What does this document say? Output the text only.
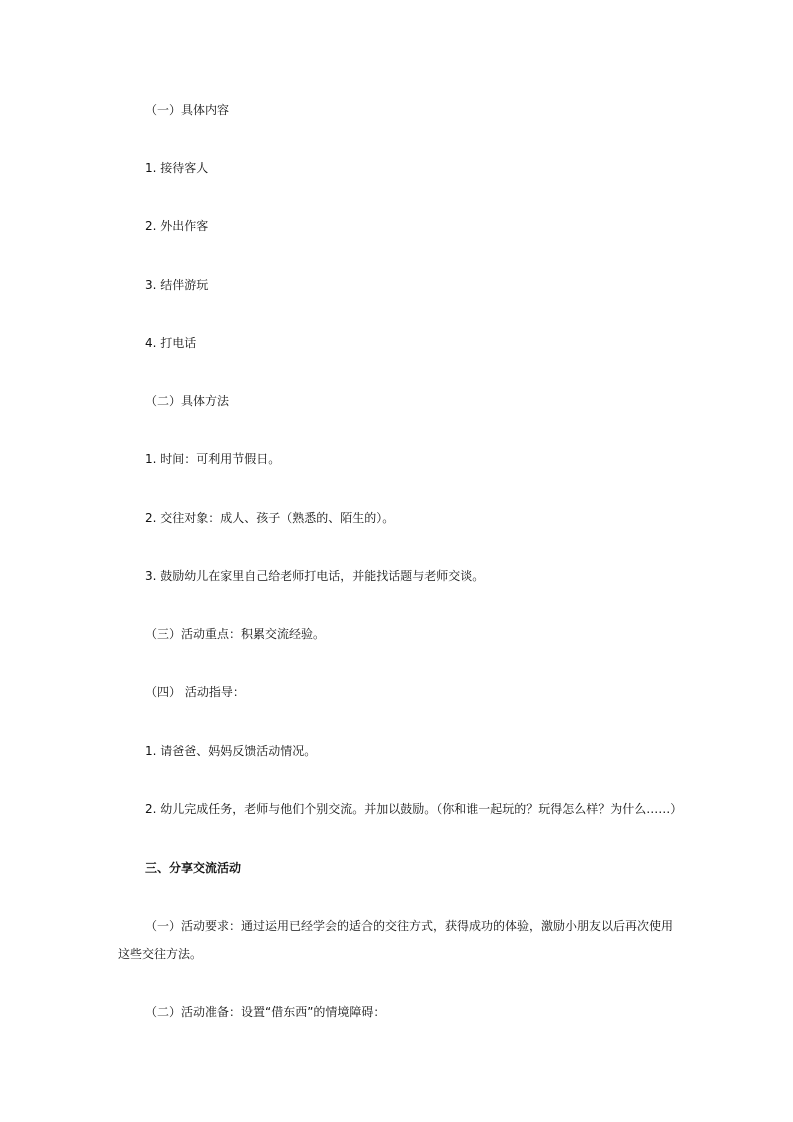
（一）具体内容
1. 接待客人
2. 外出作客
3. 结伴游玩
4. 打电话
（二）具体方法
1. 时间：可利用节假日。
2. 交往对象：成人、孩子（熟悉的、陌生的）。
3. 鼓励幼儿在家里自己给老师打电话，并能找话题与老师交谈。
（三）活动重点：积累交流经验。
（四） 活动指导：
1. 请爸爸、妈妈反馈活动情况。
2. 幼儿完成任务，老师与他们个别交流。并加以鼓励。（你和谁一起玩的？玩得怎么样？为什么……）
三、分享交流活动
（一）活动要求：通过运用已经学会的适合的交往方式，获得成功的体验，激励小朋友以后再次使用这些交往方法。
（二）活动准备：设置“借东西”的情境障碍：
